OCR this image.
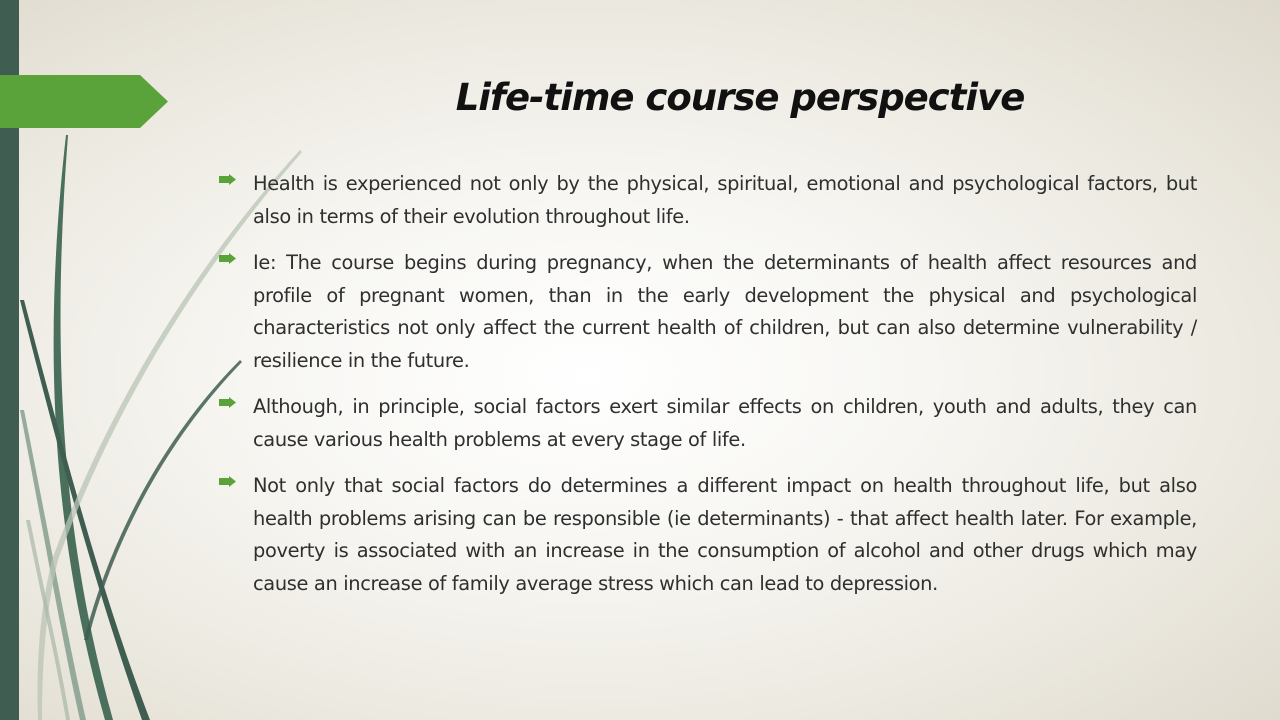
Life-time course perspective
Health is experienced not only by the physical, spiritual, emotional and psychological factors, but also in terms of their evolution throughout life.
Ie: The course begins during pregnancy, when the determinants of health affect resources and profile of pregnant women, than in the early development the physical and psychological characteristics not only affect the current health of children, but can also determine vulnerability / resilience in the future.
Although, in principle, social factors exert similar effects on children, youth and adults, they can cause various health problems at every stage of life.
Not only that social factors do determines a different impact on health throughout life, but also health problems arising can be responsible (ie determinants) - that affect health later. For example, poverty is associated with an increase in the consumption of alcohol and other drugs which may cause an increase of family average stress which can lead to depression.
